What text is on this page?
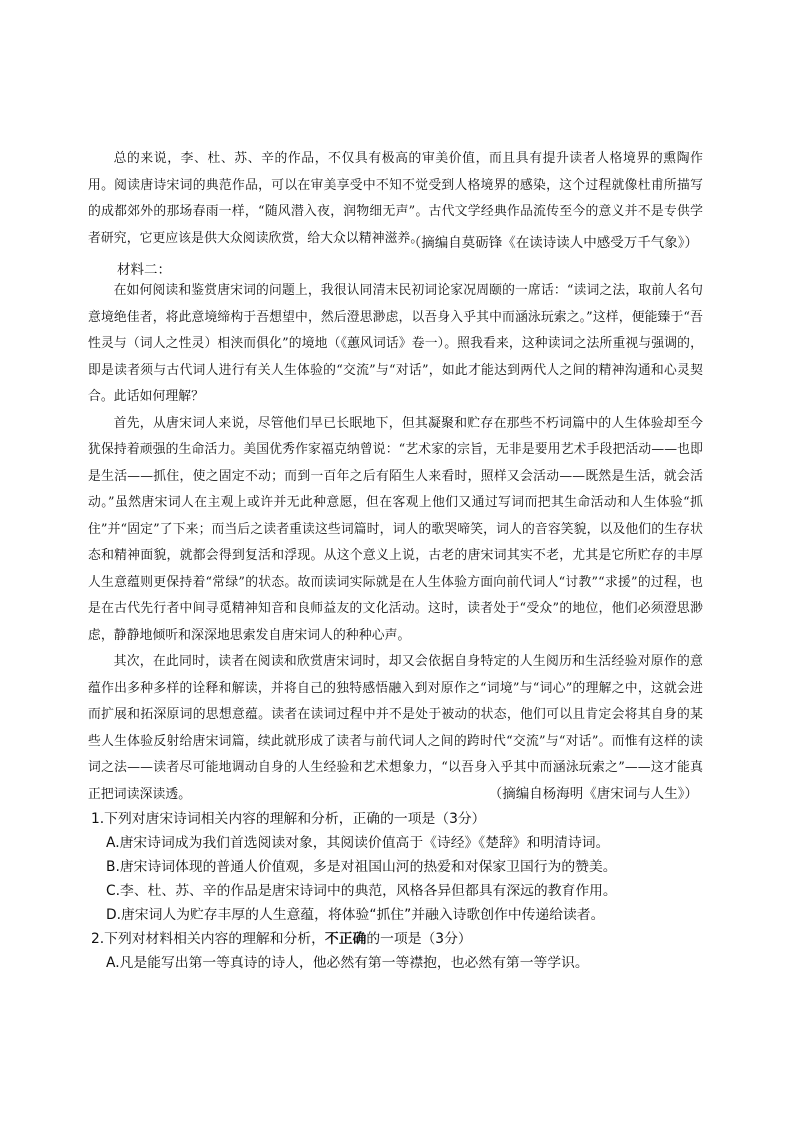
总的来说，李、杜、苏、辛的作品，不仅具有极高的审美价值，而且具有提升读者人格境界的熏陶作用。阅读唐诗宋词的典范作品，可以在审美享受中不知不觉受到人格境界的感染，这个过程就像杜甫所描写的成都郊外的那场春雨一样，“随风潜入夜，润物细无声”。古代文学经典作品流传至今的意义并不是专供学者研究，它更应该是供大众阅读欣赏，给大众以精神滋养。

（摘编自莫砺锋《在读诗读人中感受万千气象》）
材料二：

在如何阅读和鉴赏唐宋词的问题上，我很认同清末民初词论家况周颐的一席话：“读词之法，取前人名句意境绝佳者，将此意境缔构于吾想望中，然后澄思渺虑，以吾身入乎其中而涵泳玩索之。”这样，便能臻于“吾性灵与（词人之性灵）相浃而俱化”的境地（《蕙风词话》卷一）。照我看来，这种读词之法所重视与强调的，即是读者须与古代词人进行有关人生体验的“交流”与“对话”，如此才能达到两代人之间的精神沟通和心灵契合。此话如何理解？

首先，从唐宋词人来说，尽管他们早已长眠地下，但其凝聚和贮存在那些不朽词篇中的人生体验却至今犹保持着顽强的生命活力。美国优秀作家福克纳曾说：“艺术家的宗旨，无非是要用艺术手段把活动——也即是生活——抓住，使之固定不动；而到一百年之后有陌生人来看时，照样又会活动——既然是生活，就会活动。”虽然唐宋词人在主观上或许并无此种意愿，但在客观上他们又通过写词而把其生命活动和人生体验“抓住”并“固定”了下来；而当后之读者重读这些词篇时，词人的歌哭啼笑，词人的音容笑貌，以及他们的生存状态和精神面貌，就都会得到复活和浮现。从这个意义上说，古老的唐宋词其实不老，尤其是它所贮存的丰厚人生意蕴则更保持着“常绿”的状态。故而读词实际就是在人生体验方面向前代词人“讨教”“求援”的过程，也是在古代先行者中间寻觅精神知音和良师益友的文化活动。这时，读者处于“受众”的地位，他们必须澄思渺虑，静静地倾听和深深地思索发自唐宋词人的种种心声。

其次，在此同时，读者在阅读和欣赏唐宋词时，却又会依据自身特定的人生阅历和生活经验对原作的意蕴作出多种多样的诠释和解读，并将自己的独特感悟融入到对原作之“词境”与“词心”的理解之中，这就会进而扩展和拓深原词的思想意蕴。读者在读词过程中并不是处于被动的状态，他们可以且肯定会将其自身的某些人生体验反射给唐宋词篇，续此就形成了读者与前代词人之间的跨时代“交流”与“对话”。而惟有这样的读词之法——读者尽可能地调动自身的人生经验和艺术想象力，“以吾身入乎其中而涵泳玩索之”——这才能真正把词读深读透。	（摘编自杨海明《唐宋词与人生》）
1.下列对唐宋诗词相关内容的理解和分析，正确的一项是（3分）
A.唐宋诗词成为我们首选阅读对象，其阅读价值高于《诗经》《楚辞》和明清诗词。
B.唐宋诗词体现的普通人价值观，多是对祖国山河的热爱和对保家卫国行为的赞美。
C.李、杜、苏、辛的作品是唐宋诗词中的典范，风格各异但都具有深远的教育作用。
D.唐宋词人为贮存丰厚的人生意蕴，将体验“抓住”并融入诗歌创作中传递给读者。
2.下列对材料相关内容的理解和分析，不正确的一项是（3分）
A.凡是能写出第一等真诗的诗人，他必然有第一等襟抱，也必然有第一等学识。
